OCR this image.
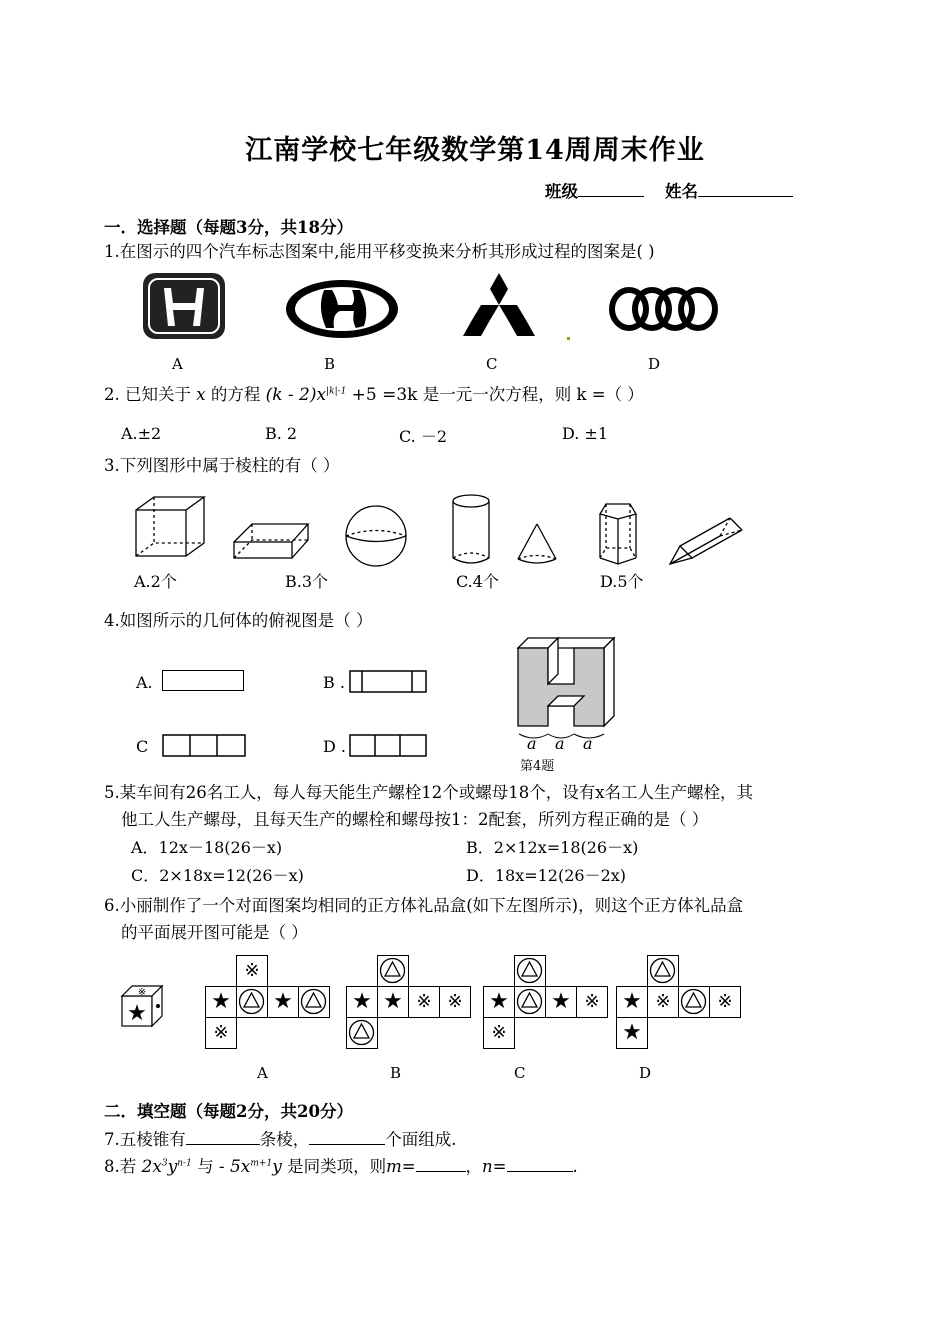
江南学校七年级数学第14周周末作业
班级	姓名
一．选择题（每题3分，共18分）
1.在图示的四个汽车标志图案中,能用平移变换来分析其形成过程的图案是( )
A	B	C	D
2. 已知关于 x 的方程 $(k - 2)x^{|k|-1} +5 =3k$ 是一元一次方程，则 k =（ ）
A.±2	B. 2	C. －2	D. ±1
3.下列图形中属于棱柱的有（ ）
A.2个	B.3个	C.4个	D.5个
4.如图所示的几何体的俯视图是（ ）
A.	B .
C	D .	a a a
第4题
5.某车间有26名工人，每人每天能生产螺栓12个或螺母18个，设有x名工人生产螺栓，其
他工人生产螺母，且每天生产的螺栓和螺母按1：2配套，所列方程正确的是（ ）
A．12x－18(26－x)	B．2×12x=18(26－x)
C．2×18x=12(26－x)	D．18x=12(26－2x)
6.小丽制作了一个对面图案均相同的正方体礼品盒(如下左图所示)，则这个正方体礼品盒
的平面展开图可能是（ ）
★
※
※
★ ★
※
★ ★ ※ ※	★ ★ ※
※
★ ※	※
★
A	B	C	D
二．填空题（每题2分，共20分）
7.五棱锥有	条棱，	个面组成.
8.若 $2x^3y^{n-1}$ 与 - $5x^{m+1}y$ 是同类项，则m=	，n=	.
